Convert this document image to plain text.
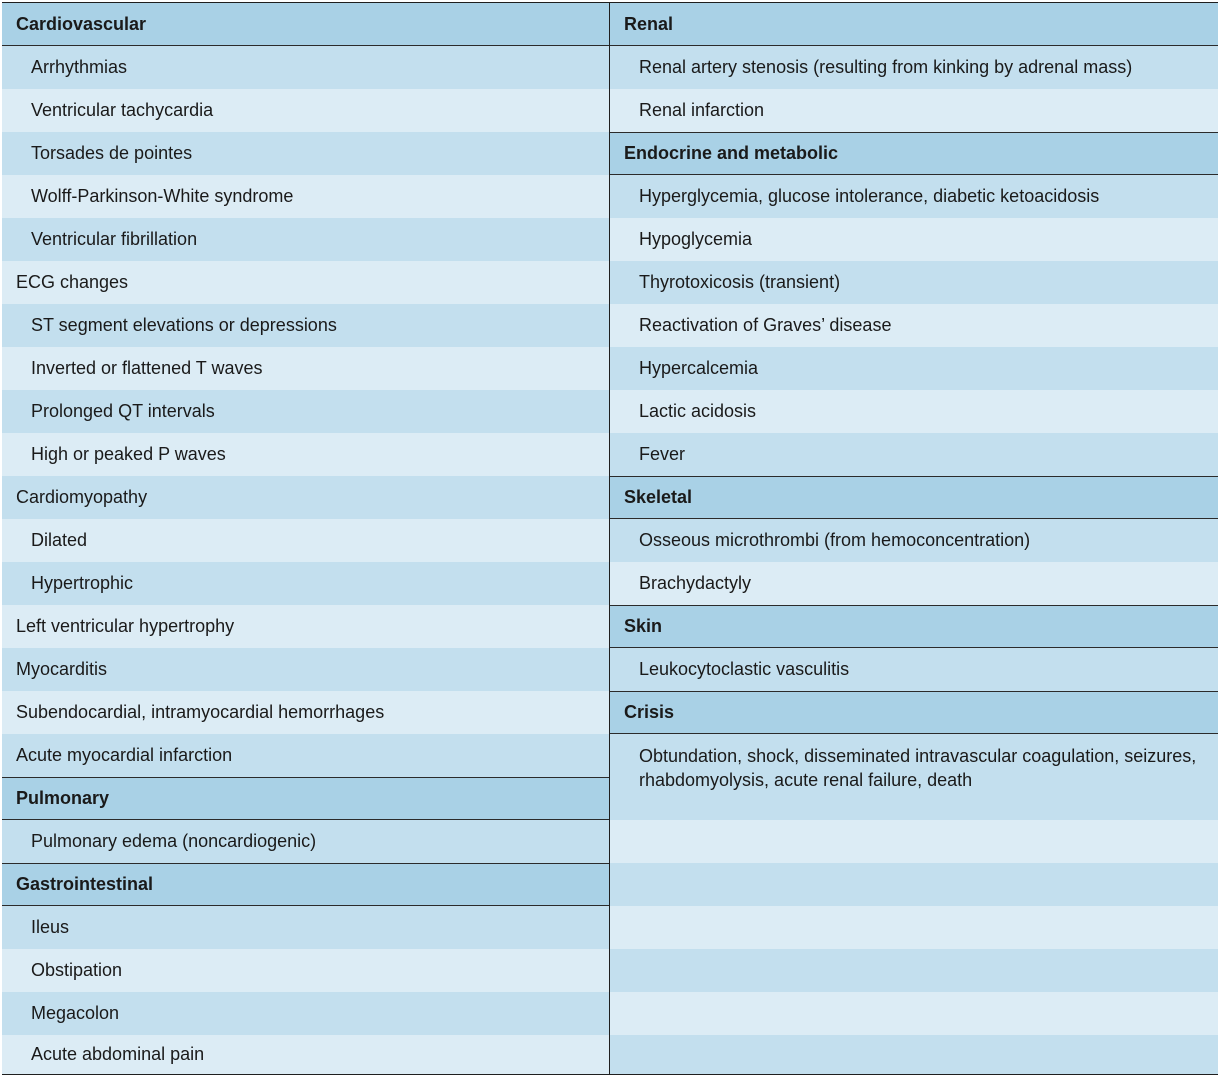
Cardiovascular
Arrhythmias
Ventricular tachycardia
Torsades de pointes
Wolff-Parkinson-White syndrome
Ventricular fibrillation
ECG changes
ST segment elevations or depressions
Inverted or flattened T waves
Prolonged QT intervals
High or peaked P waves
Cardiomyopathy
Dilated
Hypertrophic
Left ventricular hypertrophy
Myocarditis
Subendocardial, intramyocardial hemorrhages
Acute myocardial infarction
Pulmonary
Pulmonary edema (noncardiogenic)
Gastrointestinal
Ileus
Obstipation
Megacolon
Acute abdominal pain
Renal
Renal artery stenosis (resulting from kinking by adrenal mass)
Renal infarction
Endocrine and metabolic
Hyperglycemia, glucose intolerance, diabetic ketoacidosis
Hypoglycemia
Thyrotoxicosis (transient)
Reactivation of Graves’ disease
Hypercalcemia
Lactic acidosis
Fever
Skeletal
Osseous microthrombi (from hemoconcentration)
Brachydactyly
Skin
Leukocytoclastic vasculitis
Crisis
Obtundation, shock, disseminated intravascular coagulation, seizures, rhabdomyolysis, acute renal failure, death
